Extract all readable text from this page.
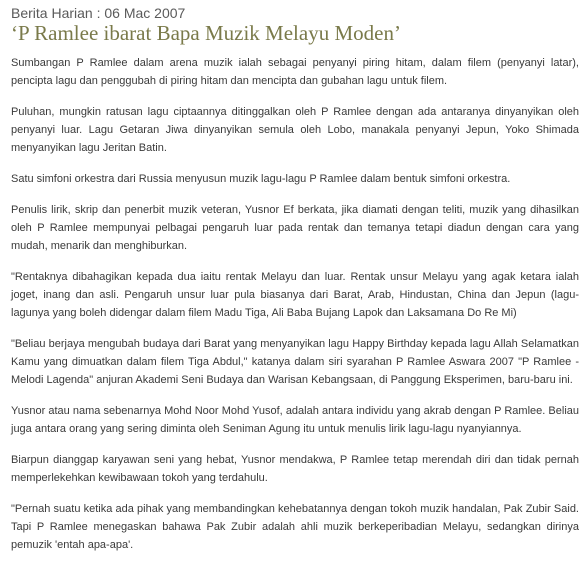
Berita Harian : 06 Mac 2007
‘P Ramlee ibarat Bapa Muzik Melayu Moden’

Sumbangan P Ramlee dalam arena muzik ialah sebagai penyanyi piring hitam, dalam filem (penyanyi latar), pencipta lagu dan penggubah di piring hitam dan mencipta dan gubahan lagu untuk filem.

Puluhan, mungkin ratusan lagu ciptaannya ditinggalkan oleh P Ramlee dengan ada antaranya dinyanyikan oleh penyanyi luar. Lagu Getaran Jiwa dinyanyikan semula oleh Lobo, manakala penyanyi Jepun, Yoko Shimada menyanyikan lagu Jeritan Batin.

Satu simfoni orkestra dari Russia menyusun muzik lagu-lagu P Ramlee dalam bentuk simfoni orkestra.

Penulis lirik, skrip dan penerbit muzik veteran, Yusnor Ef berkata, jika diamati dengan teliti, muzik yang dihasilkan oleh P Ramlee mempunyai pelbagai pengaruh luar pada rentak dan temanya tetapi diadun dengan cara yang mudah, menarik dan menghiburkan.

"Rentaknya dibahagikan kepada dua iaitu rentak Melayu dan luar. Rentak unsur Melayu yang agak ketara ialah joget, inang dan asli. Pengaruh unsur luar pula biasanya dari Barat, Arab, Hindustan, China dan Jepun (lagu-lagunya yang boleh didengar dalam filem Madu Tiga, Ali Baba Bujang Lapok dan Laksamana Do Re Mi)

"Beliau berjaya mengubah budaya dari Barat yang menyanyikan lagu Happy Birthday kepada lagu Allah Selamatkan Kamu yang dimuatkan dalam filem Tiga Abdul," katanya dalam siri syarahan P Ramlee Aswara 2007 "P Ramlee - Melodi Lagenda" anjuran Akademi Seni Budaya dan Warisan Kebangsaan, di Panggung Eksperimen, baru-baru ini.

Yusnor atau nama sebenarnya Mohd Noor Mohd Yusof, adalah antara individu yang akrab dengan P Ramlee. Beliau juga antara orang yang sering diminta oleh Seniman Agung itu untuk menulis lirik lagu-lagu nyanyiannya.

Biarpun dianggap karyawan seni yang hebat, Yusnor mendakwa, P Ramlee tetap merendah diri dan tidak pernah memperlekehkan kewibawaan tokoh yang terdahulu.

"Pernah suatu ketika ada pihak yang membandingkan kehebatannya dengan tokoh muzik handalan, Pak Zubir Said. Tapi P Ramlee menegaskan bahawa Pak Zubir adalah ahli muzik berkeperibadian Melayu, sedangkan dirinya pemuzik 'entah apa-apa'.
